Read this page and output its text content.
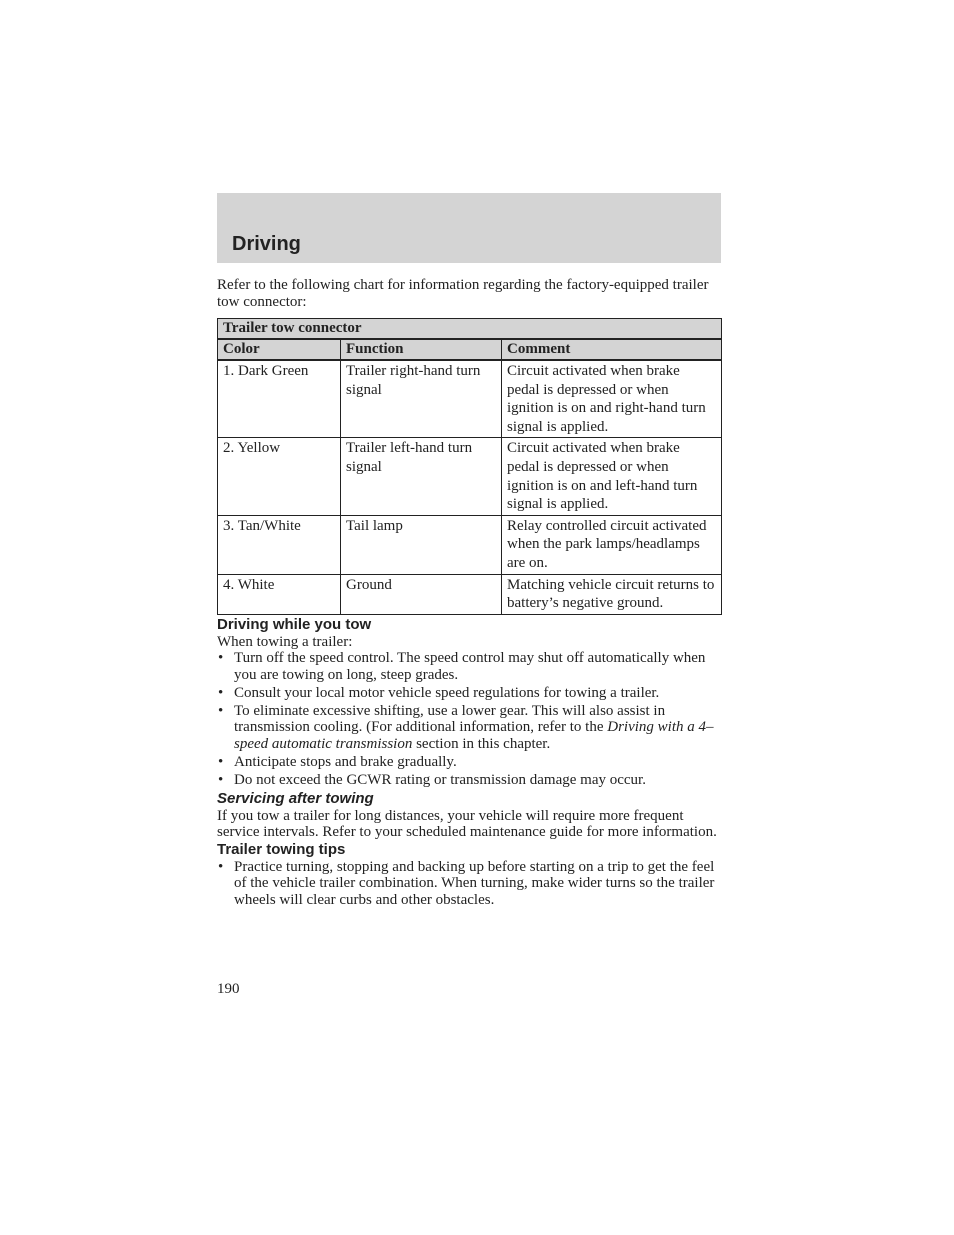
Driving

Refer to the following chart for information regarding the factory-equipped trailer tow connector:

Trailer tow connector		
Color	Function	Comment
1. Dark Green	Trailer right-hand turn signal	Circuit activated when brake pedal is depressed or when ignition is on and right-hand turn signal is applied.
2. Yellow	Trailer left-hand turn signal	Circuit activated when brake pedal is depressed or when ignition is on and left-hand turn signal is applied.
3. Tan/White	Tail lamp	Relay controlled circuit activated when the park lamps/headlamps are on.
4. White	Ground	Matching vehicle circuit returns to battery’s negative ground.
Driving while you tow

When towing a trailer:

• Turn off the speed control. The speed control may shut off automatically when you are towing on long, steep grades.
• Consult your local motor vehicle speed regulations for towing a trailer.
• To eliminate excessive shifting, use a lower gear. This will also assist in transmission cooling. (For additional information, refer to the Driving with a 4–speed automatic transmission section in this chapter.
• Anticipate stops and brake gradually.
• Do not exceed the GCWR rating or transmission damage may occur.
Servicing after towing

If you tow a trailer for long distances, your vehicle will require more frequent service intervals. Refer to your scheduled maintenance guide for more information.

Trailer towing tips
• Practice turning, stopping and backing up before starting on a trip to get the feel of the vehicle trailer combination. When turning, make wider turns so the trailer wheels will clear curbs and other obstacles.
190
